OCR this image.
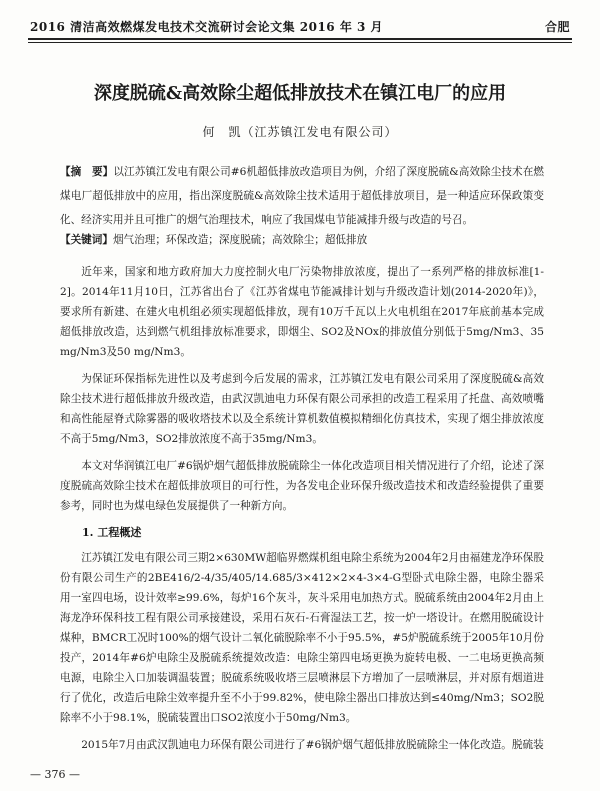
2016 清洁高效燃煤发电技术交流研讨会论文集 2016 年 3 月	合肥
深度脱硫&高效除尘超低排放技术在镇江电厂的应用
何　凯（江苏镇江发电有限公司）
【摘　要】以江苏镇江发电有限公司#6机超低排放改造项目为例，介绍了深度脱硫&高效除尘技术在燃煤电厂超低排放中的应用，指出深度脱硫&高效除尘技术适用于超低排放项目，是一种适应环保政策变化、经济实用并且可推广的烟气治理技术，响应了我国煤电节能减排升级与改造的号召。
【关键词】烟气治理；环保改造；深度脱硫；高效除尘；超低排放

近年来，国家和地方政府加大力度控制火电厂污染物排放浓度，提出了一系列严格的排放标准[1-2]。2014年11月10日，江苏省出台了《江苏省煤电节能减排计划与升级改造计划(2014-2020年)》，要求所有新建、在建火电机组必须实现超低排放，现有10万千瓦以上火电机组在2017年底前基本完成超低排放改造，达到燃气机组排放标准要求，即烟尘、SO2及NOx的排放值分别低于5mg/Nm3、35 mg/Nm3及50 mg/Nm3。

为保证环保指标先进性以及考虑到今后发展的需求，江苏镇江发电有限公司采用了深度脱硫&高效除尘技术进行超低排放升级改造，由武汉凯迪电力环保有限公司承担的改造工程采用了托盘、高效喷嘴和高性能屋脊式除雾器的吸收塔技术以及全系统计算机数值模拟精细化仿真技术，实现了烟尘排放浓度不高于5mg/Nm3，SO2排放浓度不高于35mg/Nm3。

本文对华润镇江电厂#6锅炉烟气超低排放脱硫除尘一体化改造项目相关情况进行了介绍，论述了深度脱硫高效除尘技术在超低排放项目的可行性，为各发电企业环保升级改造技术和改造经验提供了重要参考，同时也为煤电绿色发展提供了一种新方向。

1. 工程概述

江苏镇江发电有限公司三期2×630MW超临界燃煤机组电除尘系统为2004年2月由福建龙净环保股份有限公司生产的2BE416/2-4/35/405/14.685/3×412×2×4-3×4-G型卧式电除尘器，电除尘器采用一室四电场，设计效率≥99.6%，每炉16个灰斗，灰斗采用电加热方式。脱硫系统由2004年2月由上海龙净环保科技工程有限公司承接建设，采用石灰石-石膏湿法工艺，按一炉一塔设计。在燃用脱硫设计煤种，BMCR工况时100%的烟气设计二氧化硫脱除率不小于95.5%，#5炉脱硫系统于2005年10月份投产，2014年#6炉电除尘及脱硫系统提效改造：电除尘第四电场更换为旋转电极、一二电场更换高频电源，电除尘入口加装调温装置；脱硫系统吸收塔三层喷淋层下方增加了一层喷淋层，并对原有烟道进行了优化，改造后电除尘效率提升至不小于99.82%，使电除尘器出口排放达到≤40mg/Nm3；SO2脱除率不小于98.1%，脱硫装置出口SO2浓度小于50mg/Nm3。

2015年7月由武汉凯迪电力环保有限公司进行了#6锅炉烟气超低排放脱硫除尘一体化改造。脱硫装

— 376 —
